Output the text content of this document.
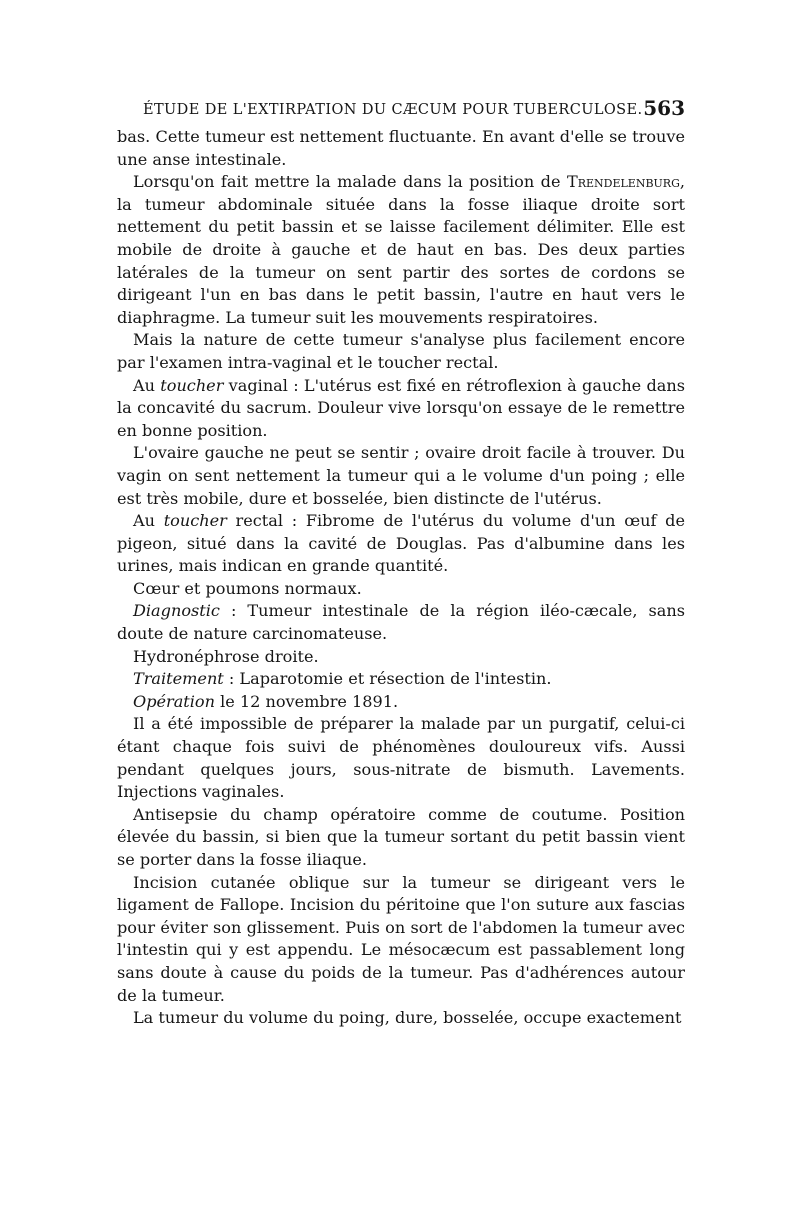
ÉTUDE DE L'EXTIRPATION DU CÆCUM POUR TUBERCULOSE. 563

bas. Cette tumeur est nettement fluctuante. En avant d'elle se trouve une anse intestinale.

Lorsqu'on fait mettre la malade dans la position de Trendelenburg, la tumeur abdominale située dans la fosse iliaque droite sort nettement du petit bassin et se laisse facilement délimiter. Elle est mobile de droite à gauche et de haut en bas. Des deux parties latérales de la tumeur on sent partir des sortes de cordons se dirigeant l'un en bas dans le petit bassin, l'autre en haut vers le diaphragme. La tumeur suit les mouvements respiratoires.

Mais la nature de cette tumeur s'analyse plus facilement encore par l'examen intra-vaginal et le toucher rectal.

Au toucher vaginal : L'utérus est fixé en rétroflexion à gauche dans la concavité du sacrum. Douleur vive lorsqu'on essaye de le remettre en bonne position.

L'ovaire gauche ne peut se sentir ; ovaire droit facile à trouver. Du vagin on sent nettement la tumeur qui a le volume d'un poing ; elle est très mobile, dure et bosselée, bien distincte de l'utérus.

Au toucher rectal : Fibrome de l'utérus du volume d'un œuf de pigeon, situé dans la cavité de Douglas. Pas d'albumine dans les urines, mais indican en grande quantité.

Cœur et poumons normaux.

Diagnostic : Tumeur intestinale de la région iléo-cæcale, sans doute de nature carcinomateuse.

Hydronéphrose droite.

Traitement : Laparotomie et résection de l'intestin.

Opération le 12 novembre 1891.

Il a été impossible de préparer la malade par un purgatif, celui-ci étant chaque fois suivi de phénomènes douloureux vifs. Aussi pendant quelques jours, sous-nitrate de bismuth. Lavements. Injections vaginales.

Antisepsie du champ opératoire comme de coutume. Position élevée du bassin, si bien que la tumeur sortant du petit bassin vient se porter dans la fosse iliaque.

Incision cutanée oblique sur la tumeur se dirigeant vers le ligament de Fallope. Incision du péritoine que l'on suture aux fascias pour éviter son glissement. Puis on sort de l'abdomen la tumeur avec l'intestin qui y est appendu. Le mésocæcum est passablement long sans doute à cause du poids de la tumeur. Pas d'adhérences autour de la tumeur.

La tumeur du volume du poing, dure, bosselée, occupe exactement
